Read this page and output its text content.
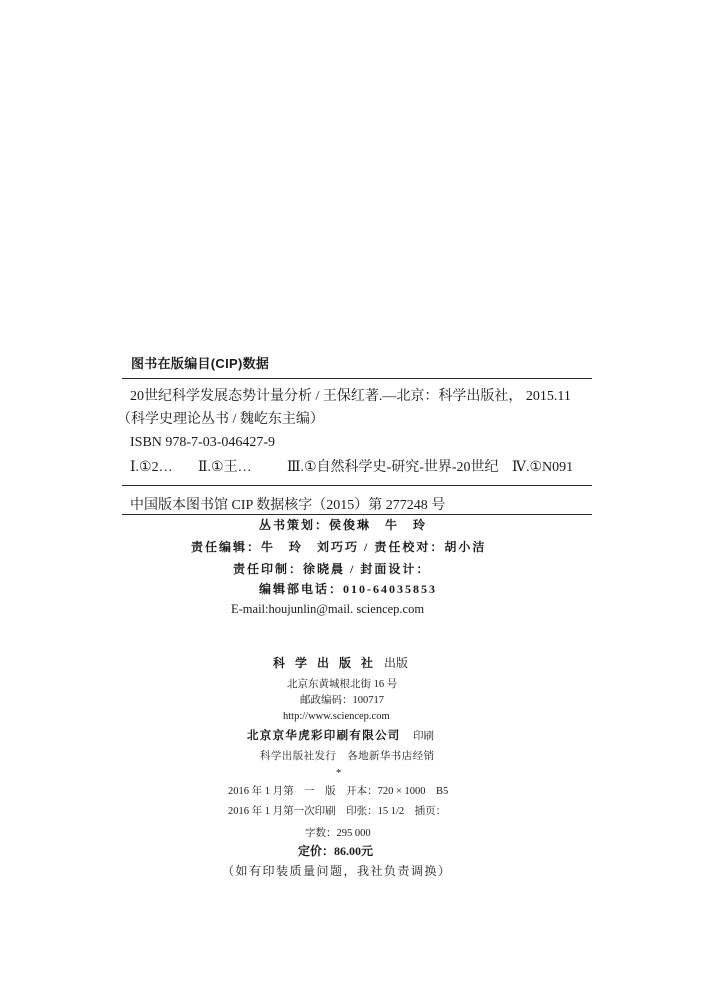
图书在版编目(CIP)数据
20世纪科学发展态势计量分析 / 王保红著.—北京：科学出版社， 2015.11
（科学史理论丛书 / 魏屹东主编）
ISBN 978-7-03-046427-9
Ⅰ.①2… Ⅱ.①王…	Ⅲ.①自然科学史-研究-世界-20世纪 Ⅳ.①N091
中国版本图书馆 CIP 数据核字（2015）第 277248 号
丛书策划：侯俊琳　牛　玲
责任编辑：牛　玲　刘巧巧 / 责任校对：胡小洁
责任印制：徐晓晨 / 封面设计：
编辑部电话：010-64035853
E-mail:houjunlin@mail. sciencep.com
科学出版社 出版
北京东黄城根北街 16 号
邮政编码：100717
http://www.sciencep.com
北京京华虎彩印刷有限公司 印刷
科学出版社发行　各地新华书店经销
*
2016 年 1 月第　一　版　开本：720 × 1000　B5
2016 年 1 月第一次印刷　印张：15 1/2　插页：
字数：295 000
定价：86.00元
（如有印装质量问题，我社负责调换）
